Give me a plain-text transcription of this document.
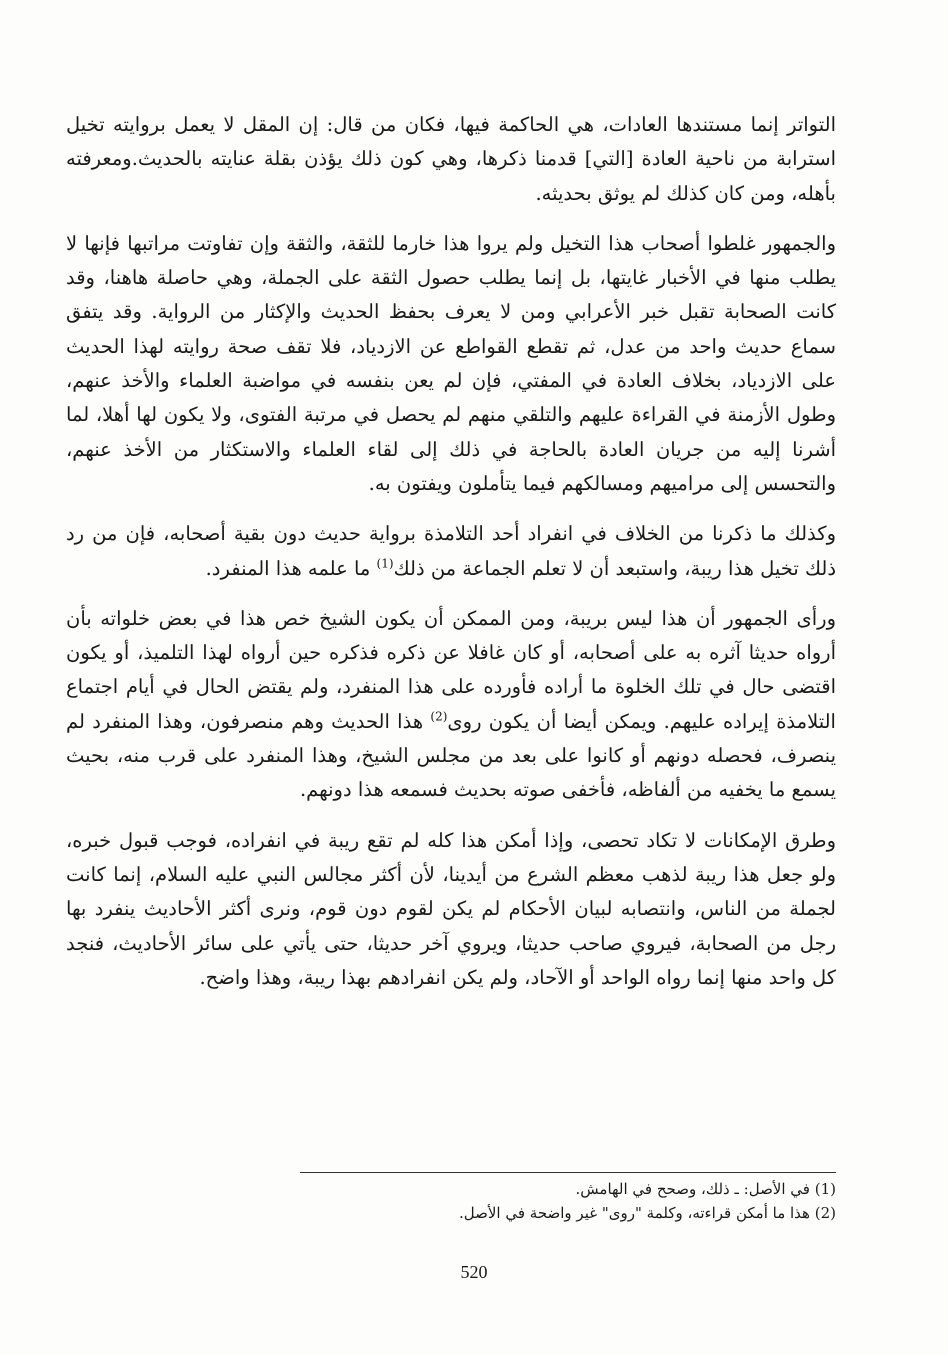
التواتر إنما مستندها العادات، هي الحاكمة فيها، فكان من قال: إن المقل لا يعمل بروايته تخيل استرابة من ناحية العادة [التي] قدمنا ذكرها، وهي كون ذلك يؤذن بقلة عنايته بالحديث.ومعرفته بأهله، ومن كان كذلك لم يوثق بحديثه.

والجمهور غلطوا أصحاب هذا التخيل ولم يروا هذا خارما للثقة، والثقة وإن تفاوتت مراتبها فإنها لا يطلب منها في الأخبار غايتها، بل إنما يطلب حصول الثقة على الجملة، وهي حاصلة هاهنا، وقد كانت الصحابة تقبل خبر الأعرابي ومن لا يعرف بحفظ الحديث والإكثار من الرواية. وقد يتفق سماع حديث واحد من عدل، ثم تقطع القواطع عن الازدياد، فلا تقف صحة روايته لهذا الحديث على الازدياد، بخلاف العادة في المفتي، فإن لم يعن بنفسه في مواضبة العلماء والأخذ عنهم، وطول الأزمنة في القراءة عليهم والتلقي منهم لم يحصل في مرتبة الفتوى، ولا يكون لها أهلا، لما أشرنا إليه من جريان العادة بالحاجة في ذلك إلى لقاء العلماء والاستكثار من الأخذ عنهم، والتحسس إلى مراميهم ومسالكهم فيما يتأملون ويفتون به.

وكذلك ما ذكرنا من الخلاف في انفراد أحد التلامذة برواية حديث دون بقية أصحابه، فإن من رد ذلك تخيل هذا ريبة، واستبعد أن لا تعلم الجماعة من ذلك$^{(1)}$ ما علمه هذا المنفرد.

ورأى الجمهور أن هذا ليس بريبة، ومن الممكن أن يكون الشيخ خص هذا في بعض خلواته بأن أرواه حديثا آثره به على أصحابه، أو كان غافلا عن ذكره فذكره حين أرواه لهذا التلميذ، أو يكون اقتضى حال في تلك الخلوة ما أراده فأورده على هذا المنفرد، ولم يقتض الحال في أيام اجتماع التلامذة إيراده عليهم. ويمكن أيضا أن يكون روى$^{(2)}$ هذا الحديث وهم منصرفون، وهذا المنفرد لم ينصرف، فحصله دونهم أو كانوا على بعد من مجلس الشيخ، وهذا المنفرد على قرب منه، بحيث يسمع ما يخفيه من ألفاظه، فأخفى صوته بحديث فسمعه هذا دونهم.

وطرق الإمكانات لا تكاد تحصى، وإذا أمكن هذا كله لم تقع ريبة في انفراده، فوجب قبول خبره، ولو جعل هذا ريبة لذهب معظم الشرع من أيدينا، لأن أكثر مجالس النبي عليه السلام، إنما كانت لجملة من الناس، وانتصابه لبيان الأحكام لم يكن لقوم دون قوم، ونرى أكثر الأحاديث ينفرد بها رجل من الصحابة، فيروي صاحب حديثا، ويروي آخر حديثا، حتى يأتي على سائر الأحاديث، فنجد كل واحد منها إنما رواه الواحد أو الآحاد، ولم يكن انفرادهم بهذا ريبة، وهذا واضح.

(1) في الأصل: ـ ذلك، وصحح في الهامش.

(2) هذا ما أمكن قراءته، وكلمة "روى" غير واضحة في الأصل.

520
